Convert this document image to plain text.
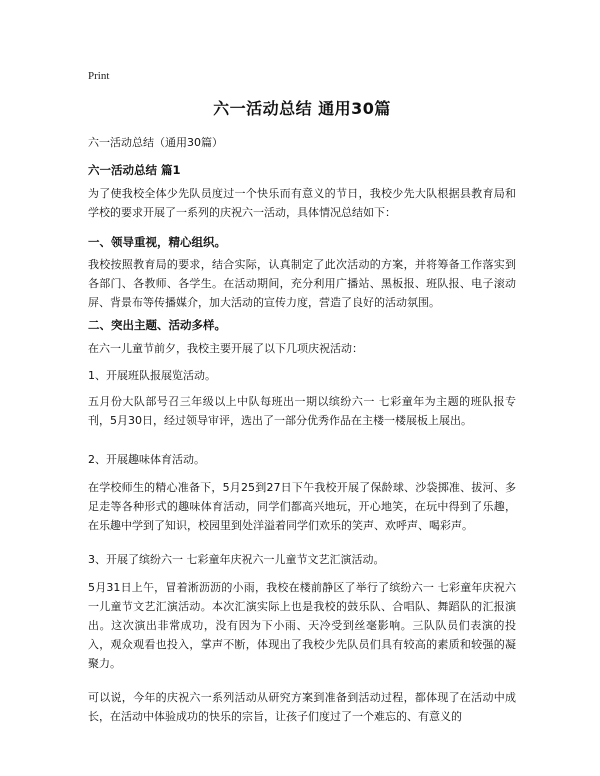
Print
六一活动总结 通用30篇
六一活动总结（通用30篇）
六一活动总结 篇1
为了使我校全体少先队员度过一个快乐而有意义的节日，我校少先大队根据县教育局和学校的要求开展了一系列的庆祝六一活动，具体情况总结如下：
一、领导重视，精心组织。
我校按照教育局的要求，结合实际，认真制定了此次活动的方案，并将筹备工作落实到各部门、各教师、各学生。在活动期间，充分利用广播站、黑板报、班队报、电子滚动屏、背景布等传播媒介，加大活动的宣传力度，营造了良好的活动氛围。
二、突出主题、活动多样。
在六一儿童节前夕，我校主要开展了以下几项庆祝活动：
1、开展班队报展览活动。
五月份大队部号召三年级以上中队每班出一期以缤纷六一 七彩童年为主题的班队报专刊，5月30日，经过领导审评，选出了一部分优秀作品在主楼一楼展板上展出。
2、开展趣味体育活动。
在学校师生的精心准备下，5月25到27日下午我校开展了保龄球、沙袋掷准、拔河、多足走等各种形式的趣味体育活动，同学们都高兴地玩，开心地笑，在玩中得到了乐趣，在乐趣中学到了知识，校园里到处洋溢着同学们欢乐的笑声、欢呼声、喝彩声。
3、开展了缤纷六一 七彩童年庆祝六一儿童节文艺汇演活动。
5月31日上午，冒着淅沥沥的小雨，我校在楼前静区了举行了缤纷六一 七彩童年庆祝六一儿童节文艺汇演活动。本次汇演实际上也是我校的鼓乐队、合唱队、舞蹈队的汇报演出。这次演出非常成功，没有因为下小雨、天冷受到丝毫影响。三队队员们表演的投入，观众观看也投入，掌声不断，体现出了我校少先队员们具有较高的素质和较强的凝聚力。
可以说，今年的庆祝六一系列活动从研究方案到准备到活动过程，都体现了在活动中成长，在活动中体验成功的快乐的宗旨，让孩子们度过了一个难忘的、有意义的
